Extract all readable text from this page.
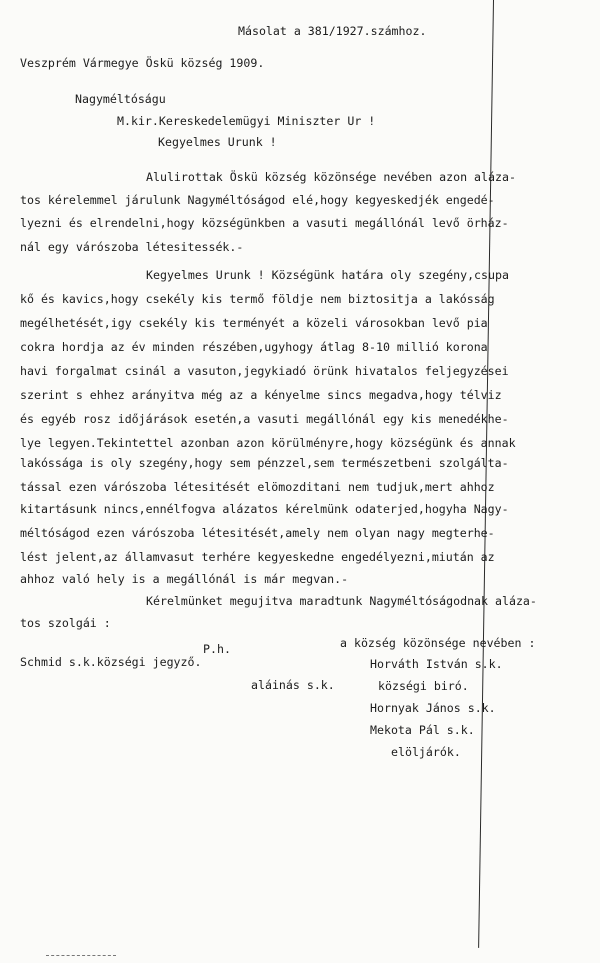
Másolat a 381/1927.számhoz.
Veszprém Vármegye Öskü község 1909.
Nagyméltóságu
M.kir.Kereskedelemügyi Miniszter Ur !
Kegyelmes Urunk !
Alulirottak Öskü község közönsége nevében azon aláza-
tos kérelemmel járulunk Nagyméltóságod elé,hogy kegyeskedjék engedé-
lyezni és elrendelni,hogy községünkben a vasuti megállónál levő örház-
nál egy várószoba létesitessék.-
Kegyelmes Urunk ! Községünk határa oly szegény,csupa
kő és kavics,hogy csekély kis termő földje nem biztositja a lakósság
megélhetését,igy csekély kis terményét a közeli városokban levő pia
cokra hordja az év minden részében,ugyhogy átlag 8-10 millió korona
havi forgalmat csinál a vasuton,jegykiadó örünk hivatalos feljegyzései
szerint s ehhez arányitva még az a kényelme sincs megadva,hogy télviz
és egyéb rosz időjárások esetén,a vasuti megállónál egy kis menedékhe-
lye legyen.Tekintettel azonban azon körülményre,hogy községünk és annak
lakóssága is oly szegény,hogy sem pénzzel,sem természetbeni szolgálta-
tással ezen várószoba létesitését elömozditani nem tudjuk,mert ahhoz
kitartásunk nincs,ennélfogva alázatos kérelmünk odaterjed,hogyha Nagy-
méltóságod ezen várószoba létesitését,amely nem olyan nagy megterhe-
lést jelent,az államvasut terhére kegyeskedne engedélyezni,miután az
ahhoz való hely is a megállónál is már megvan.-
Kérelmünket megujitva maradtunk Nagyméltóságodnak aláza-
tos szolgái :
a község közönsége nevében :
P.h.
Schmid s.k.községi jegyző.	Horváth István s.k.
aláinás s.k.	községi biró.
Hornyak János s.k.
Mekota Pál s.k.
elöljárók.
